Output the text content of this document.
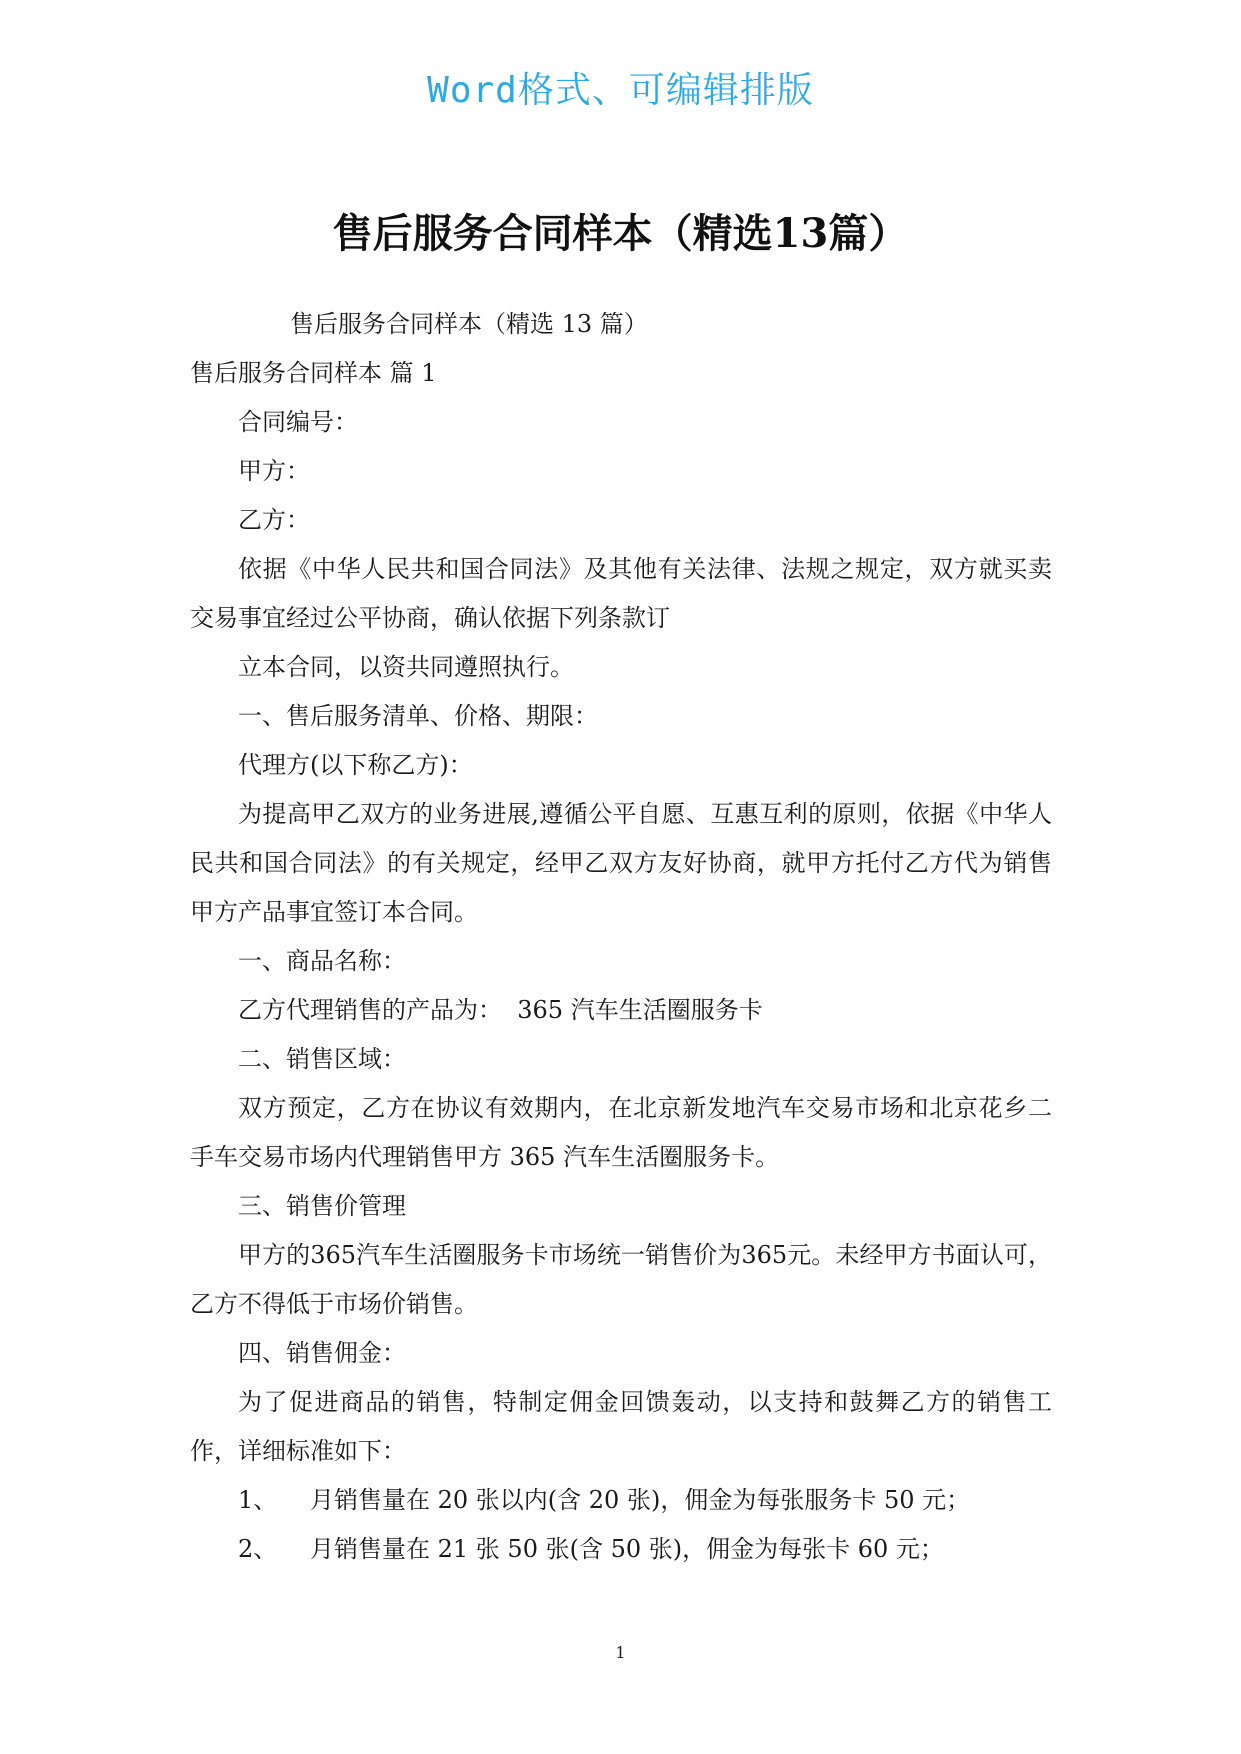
Word格式、可编辑排版
售后服务合同样本（精选13篇）

售后服务合同样本（精选 13 篇）

售后服务合同样本 篇 1

合同编号：

甲方：

乙方：

依据《中华人民共和国合同法》及其他有关法律、法规之规定，双方就买卖交易事宜经过公平协商，确认依据下列条款订

立本合同，以资共同遵照执行。

一、售后服务清单、价格、期限：

代理方(以下称乙方)：

为提高甲乙双方的业务进展,遵循公平自愿、互惠互利的原则，依据《中华人民共和国合同法》的有关规定，经甲乙双方友好协商，就甲方托付乙方代为销售甲方产品事宜签订本合同。

一、商品名称：

乙方代理销售的产品为：  365 汽车生活圈服务卡

二、销售区域：

双方预定，乙方在协议有效期内，在北京新发地汽车交易市场和北京花乡二手车交易市场内代理销售甲方 365 汽车生活圈服务卡。

三、销售价管理

甲方的365汽车生活圈服务卡市场统一销售价为365元。未经甲方书面认可，乙方不得低于市场价销售。

四、销售佣金：

为了促进商品的销售，特制定佣金回馈轰动，以支持和鼓舞乙方的销售工作，详细标准如下：

1、 月销售量在 20 张以内(含 20 张)，佣金为每张服务卡 50 元；

2、 月销售量在 21 张 50 张(含 50 张)，佣金为每张卡 60 元；

1
